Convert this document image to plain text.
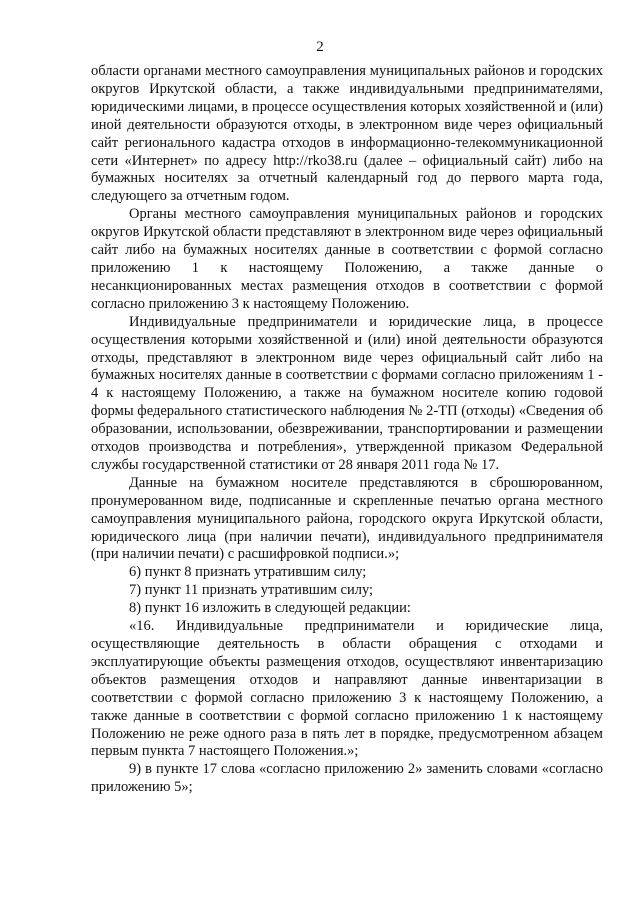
2

области органами местного самоуправления муниципальных районов и городских округов Иркутской области, а также индивидуальными предпринимателями, юридическими лицами, в процессе осуществления которых хозяйственной и (или) иной деятельности образуются отходы, в электронном виде через официальный сайт регионального кадастра отходов в информационно-телекоммуникационной сети «Интернет» по адресу http://rko38.ru (далее – официальный сайт) либо на бумажных носителях за отчетный календарный год до первого марта года, следующего за отчетным годом.

Органы местного самоуправления муниципальных районов и городских округов Иркутской области представляют в электронном виде через официальный сайт либо на бумажных носителях данные в соответствии с формой согласно приложению 1 к настоящему Положению, а также данные о несанкционированных местах размещения отходов в соответствии с формой согласно приложению 3 к настоящему Положению.

Индивидуальные предприниматели и юридические лица, в процессе осуществления которыми хозяйственной и (или) иной деятельности образуются отходы, представляют в электронном виде через официальный сайт либо на бумажных носителях данные в соответствии с формами согласно приложениям 1 - 4 к настоящему Положению, а также на бумажном носителе копию годовой формы федерального статистического наблюдения № 2-ТП (отходы) «Сведения об образовании, использовании, обезвреживании, транспортировании и размещении отходов производства и потребления», утвержденной приказом Федеральной службы государственной статистики от 28 января 2011 года № 17.

Данные на бумажном носителе представляются в сброшюрованном, пронумерованном виде, подписанные и скрепленные печатью органа местного самоуправления муниципального района, городского округа Иркутской области, юридического лица (при наличии печати), индивидуального предпринимателя (при наличии печати) с расшифровкой подписи.»;

6) пункт 8 признать утратившим силу;

7) пункт 11 признать утратившим силу;

8) пункт 16 изложить в следующей редакции:

«16. Индивидуальные предприниматели и юридические лица, осуществляющие деятельность в области обращения с отходами и эксплуатирующие объекты размещения отходов, осуществляют инвентаризацию объектов размещения отходов и направляют данные инвентаризации в соответствии с формой согласно приложению 3 к настоящему Положению, а также данные в соответствии с формой согласно приложению 1 к настоящему Положению не реже одного раза в пять лет в порядке, предусмотренном абзацем первым пункта 7 настоящего Положения.»;

9) в пункте 17 слова «согласно приложению 2» заменить словами «согласно приложению 5»;
